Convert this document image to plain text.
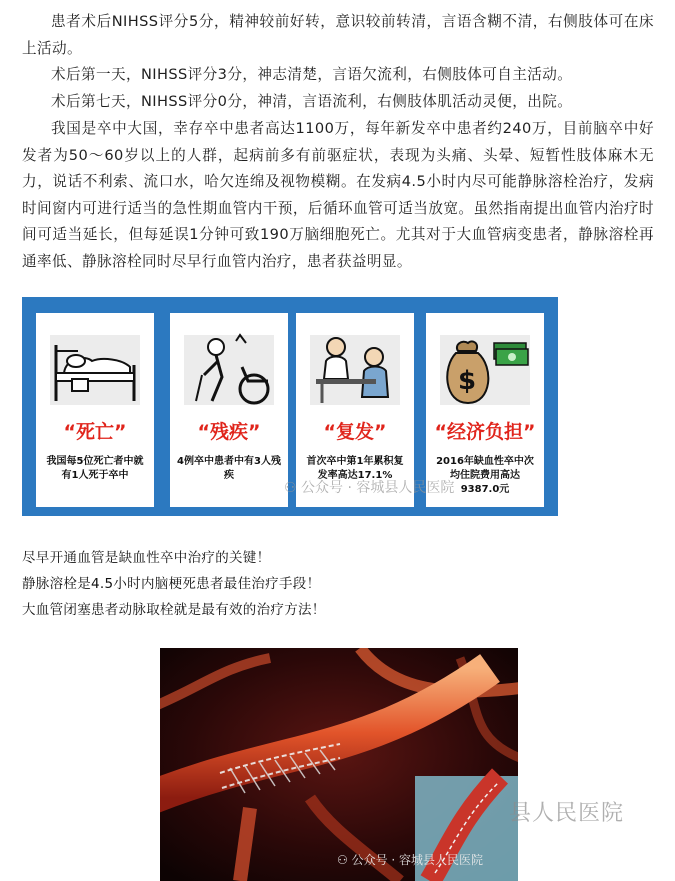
患者术后NIHSS评分5分，精神较前好转，意识较前转清，言语含糊不清，右侧肢体可在床上活动。
术后第一天，NIHSS评分3分，神志清楚，言语欠流利，右侧肢体可自主活动。
术后第七天，NIHSS评分0分，神清，言语流利，右侧肢体肌活动灵便，出院。
我国是卒中大国，幸存卒中患者高达1100万，每年新发卒中患者约240万，目前脑卒中好发者为50～60岁以上的人群，起病前多有前驱症状，表现为头痛、头晕、短暂性肢体麻木无力，说话不利索、流口水，哈欠连绵及视物模糊。在发病4.5小时内尽可能静脉溶栓治疗，发病时间窗内可进行适当的急性期血管内干预，后循环血管可适当放宽。虽然指南提出血管内治疗时间可适当延长，但每延误1分钟可致190万脑细胞死亡。尤其对于大血管病变患者，静脉溶栓再通率低、静脉溶栓同时尽早行血管内治疗，患者获益明显。
“死亡”
我国每5位死亡者中就有1人死于卒中
“残疾”
4例卒中患者中有3人残疾
“复发”
首次卒中第1年累积复发率高达17.1%
$
“经济负担”
2016年缺血性卒中次均住院费用高达9387.0元
⚇ 公众号 · 容城县人民医院
尽早开通血管是缺血性卒中治疗的关键！
静脉溶栓是4.5小时内脑梗死患者最佳治疗手段！
大血管闭塞患者动脉取栓就是最有效的治疗方法！
县人民医院
⚇ 公众号 · 容城县人民医院
